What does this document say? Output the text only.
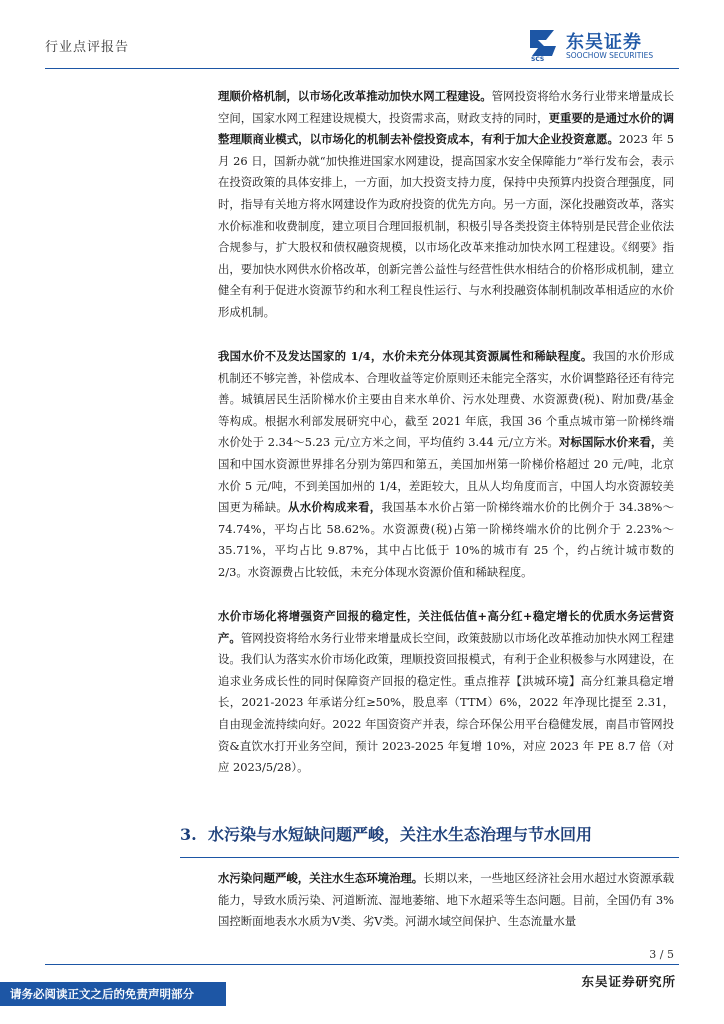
行业点评报告
SCS
东吴证券
SOOCHOW SECURITIES

理顺价格机制，以市场化改革推动加快水网工程建设。管网投资将给水务行业带来增量成长空间，国家水网工程建设规模大，投资需求高，财政支持的同时，更重要的是通过水价的调整理顺商业模式，以市场化的机制去补偿投资成本，有利于加大企业投资意愿。2023 年 5 月 26 日，国新办就“加快推进国家水网建设，提高国家水安全保障能力”举行发布会，表示在投资政策的具体安排上，一方面，加大投资支持力度，保持中央预算内投资合理强度，同时，指导有关地方将水网建设作为政府投资的优先方向。另一方面，深化投融资改革，落实水价标准和收费制度，建立项目合理回报机制，积极引导各类投资主体特别是民营企业依法合规参与，扩大股权和债权融资规模，以市场化改革来推动加快水网工程建设。《纲要》指出，要加快水网供水价格改革，创新完善公益性与经营性供水相结合的价格形成机制，建立健全有利于促进水资源节约和水利工程良性运行、与水利投融资体制机制改革相适应的水价形成机制。

我国水价不及发达国家的 1/4，水价未充分体现其资源属性和稀缺程度。我国的水价形成机制还不够完善，补偿成本、合理收益等定价原则还未能完全落实，水价调整路径还有待完善。城镇居民生活阶梯水价主要由自来水单价、污水处理费、水资源费(税)、附加费/基金等构成。根据水利部发展研究中心，截至 2021 年底，我国 36 个重点城市第一阶梯终端水价处于 2.34～5.23 元/立方米之间，平均值约 3.44 元/立方米。对标国际水价来看，美国和中国水资源世界排名分别为第四和第五，美国加州第一阶梯价格超过 20 元/吨，北京水价 5 元/吨，不到美国加州的 1/4，差距较大，且从人均角度而言，中国人均水资源较美国更为稀缺。从水价构成来看，我国基本水价占第一阶梯终端水价的比例介于 34.38%～74.74%，平均占比 58.62%。水资源费(税)占第一阶梯终端水价的比例介于 2.23%～35.71%，平均占比 9.87%，其中占比低于 10%的城市有 25 个，约占统计城市数的 2/3。水资源费占比较低，未充分体现水资源价值和稀缺程度。

水价市场化将增强资产回报的稳定性，关注低估值+高分红+稳定增长的优质水务运营资产。管网投资将给水务行业带来增量成长空间，政策鼓励以市场化改革推动加快水网工程建设。我们认为落实水价市场化政策，理顺投资回报模式，有利于企业积极参与水网建设，在追求业务成长性的同时保障资产回报的稳定性。重点推荐【洪城环境】高分红兼具稳定增长，2021-2023 年承诺分红≥50%，股息率（TTM）6%，2022 年净现比提至 2.31，自由现金流持续向好。2022 年国资资产并表，综合环保公用平台稳健发展，南昌市管网投资&直饮水打开业务空间，预计 2023-2025 年复增 10%，对应 2023 年 PE 8.7 倍（对应 2023/5/28）。

3. 水污染与水短缺问题严峻，关注水生态治理与节水回用

水污染问题严峻，关注水生态环境治理。长期以来，一些地区经济社会用水超过水资源承载能力，导致水质污染、河道断流、湿地萎缩、地下水超采等生态问题。目前，全国仍有 3%国控断面地表水水质为Ⅴ类、劣Ⅴ类。河湖水域空间保护、生态流量水量

3 / 5
请务必阅读正文之后的免责声明部分
东吴证券研究所
